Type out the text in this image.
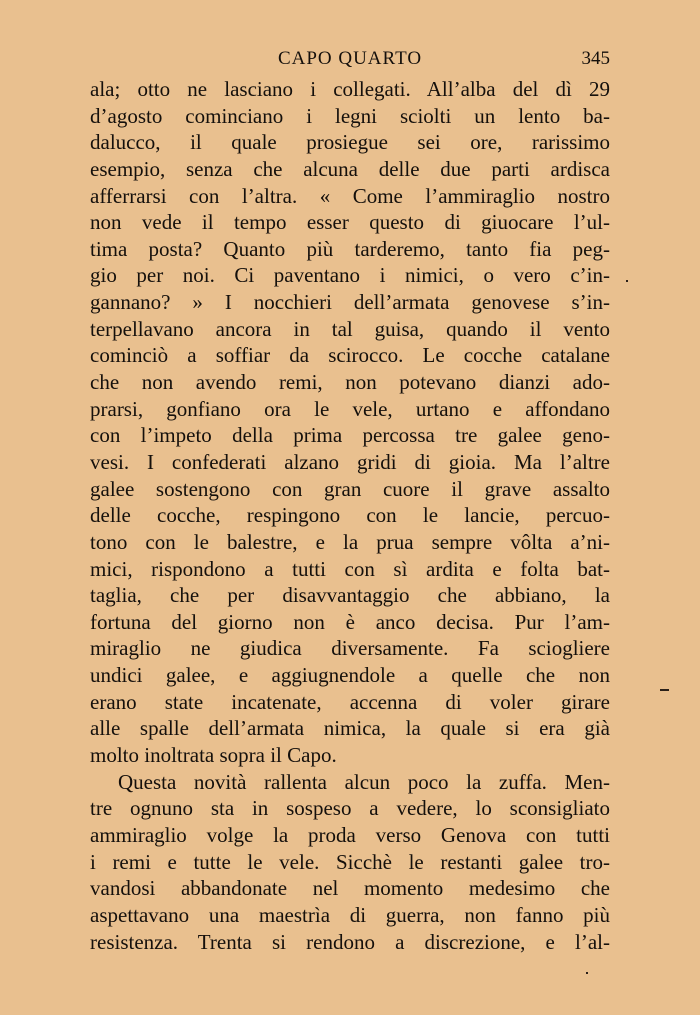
CAPO QUARTO	345
ala; otto ne lasciano i collegati. All’alba del dì 29
d’agosto cominciano i legni sciolti un lento ba-
dalucco, il quale prosiegue sei ore, rarissimo
esempio, senza che alcuna delle due parti ardisca
afferrarsi con l’altra. « Come l’ammiraglio nostro
non vede il tempo esser questo di giuocare l’ul-
tima posta? Quanto più tarderemo, tanto fia peg-
gio per noi. Ci paventano i nimici, o vero c’in-
gannano? » I nocchieri dell’armata genovese s’in-
terpellavano ancora in tal guisa, quando il vento
cominciò a soffiar da scirocco. Le cocche catalane
che non avendo remi, non potevano dianzi ado-
prarsi, gonfiano ora le vele, urtano e affondano
con l’impeto della prima percossa tre galee geno-
vesi. I confederati alzano gridi di gioia. Ma l’altre
galee sostengono con gran cuore il grave assalto
delle cocche, respingono con le lancie, percuo-
tono con le balestre, e la prua sempre vôlta a’ni-
mici, rispondono a tutti con sì ardita e folta bat-
taglia, che per disavvantaggio che abbiano, la
fortuna del giorno non è anco decisa. Pur l’am-
miraglio ne giudica diversamente. Fa sciogliere
undici galee, e aggiugnendole a quelle che non
erano state incatenate, accenna di voler girare
alle spalle dell’armata nimica, la quale si era già
molto inoltrata sopra il Capo.
Questa novità rallenta alcun poco la zuffa. Men-
tre ognuno sta in sospeso a vedere, lo sconsigliato
ammiraglio volge la proda verso Genova con tutti
i remi e tutte le vele. Sicchè le restanti galee tro-
vandosi abbandonate nel momento medesimo che
aspettavano una maestrìa di guerra, non fanno più
resistenza. Trenta si rendono a discrezione, e l’al-
